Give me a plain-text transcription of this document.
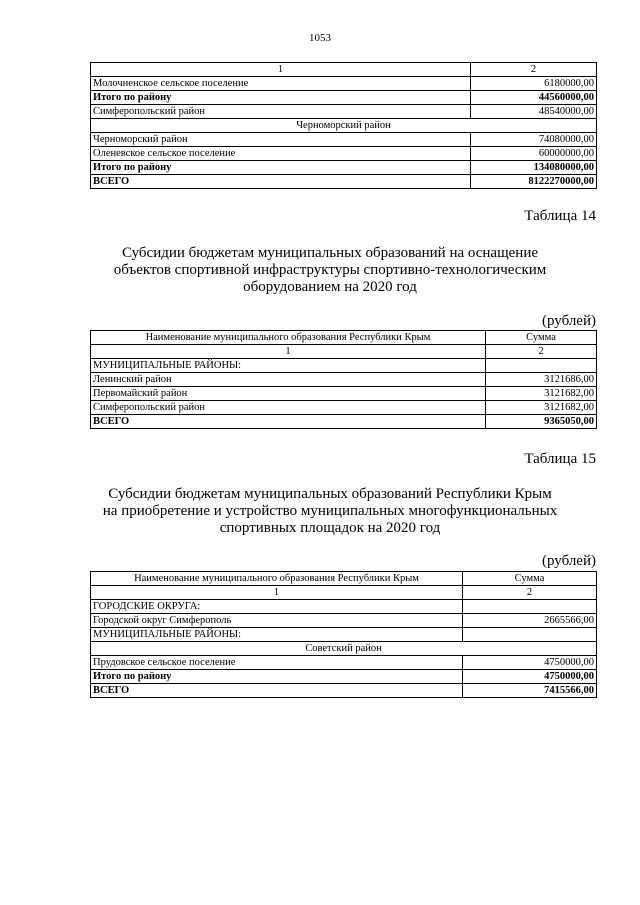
1053
1	2
Молочненское сельское поселение	6180000,00
Итого по району	44560000,00
Симферопольский район	48540000,00
Черноморский район	
Черноморский район	74080000,00
Оленевское сельское поселение	60000000,00
Итого по району	134080000,00
ВСЕГО	8122270000,00
Таблица 14
Субсидии бюджетам муниципальных образований на оснащение
объектов спортивной инфраструктуры спортивно-технологическим
оборудованием на 2020 год
(рублей)
Наименование муниципального образования Республики Крым	Сумма
1	2
МУНИЦИПАЛЬНЫЕ РАЙОНЫ:	
Ленинский район	3121686,00
Первомайский район	3121682,00
Симферопольский район	3121682,00
ВСЕГО	9365050,00
Таблица 15
Субсидии бюджетам муниципальных образований Республики Крым
на приобретение и устройство муниципальных многофункциональных
спортивных площадок на 2020 год
(рублей)
Наименование муниципального образования Республики Крым	Сумма
1	2
ГОРОДСКИЕ ОКРУГА:	
Городской округ Симферополь	2665566,00
МУНИЦИПАЛЬНЫЕ РАЙОНЫ:	
Советский район	
Прудовское сельское поселение	4750000,00
Итого по району	4750000,00
ВСЕГО	7415566,00
